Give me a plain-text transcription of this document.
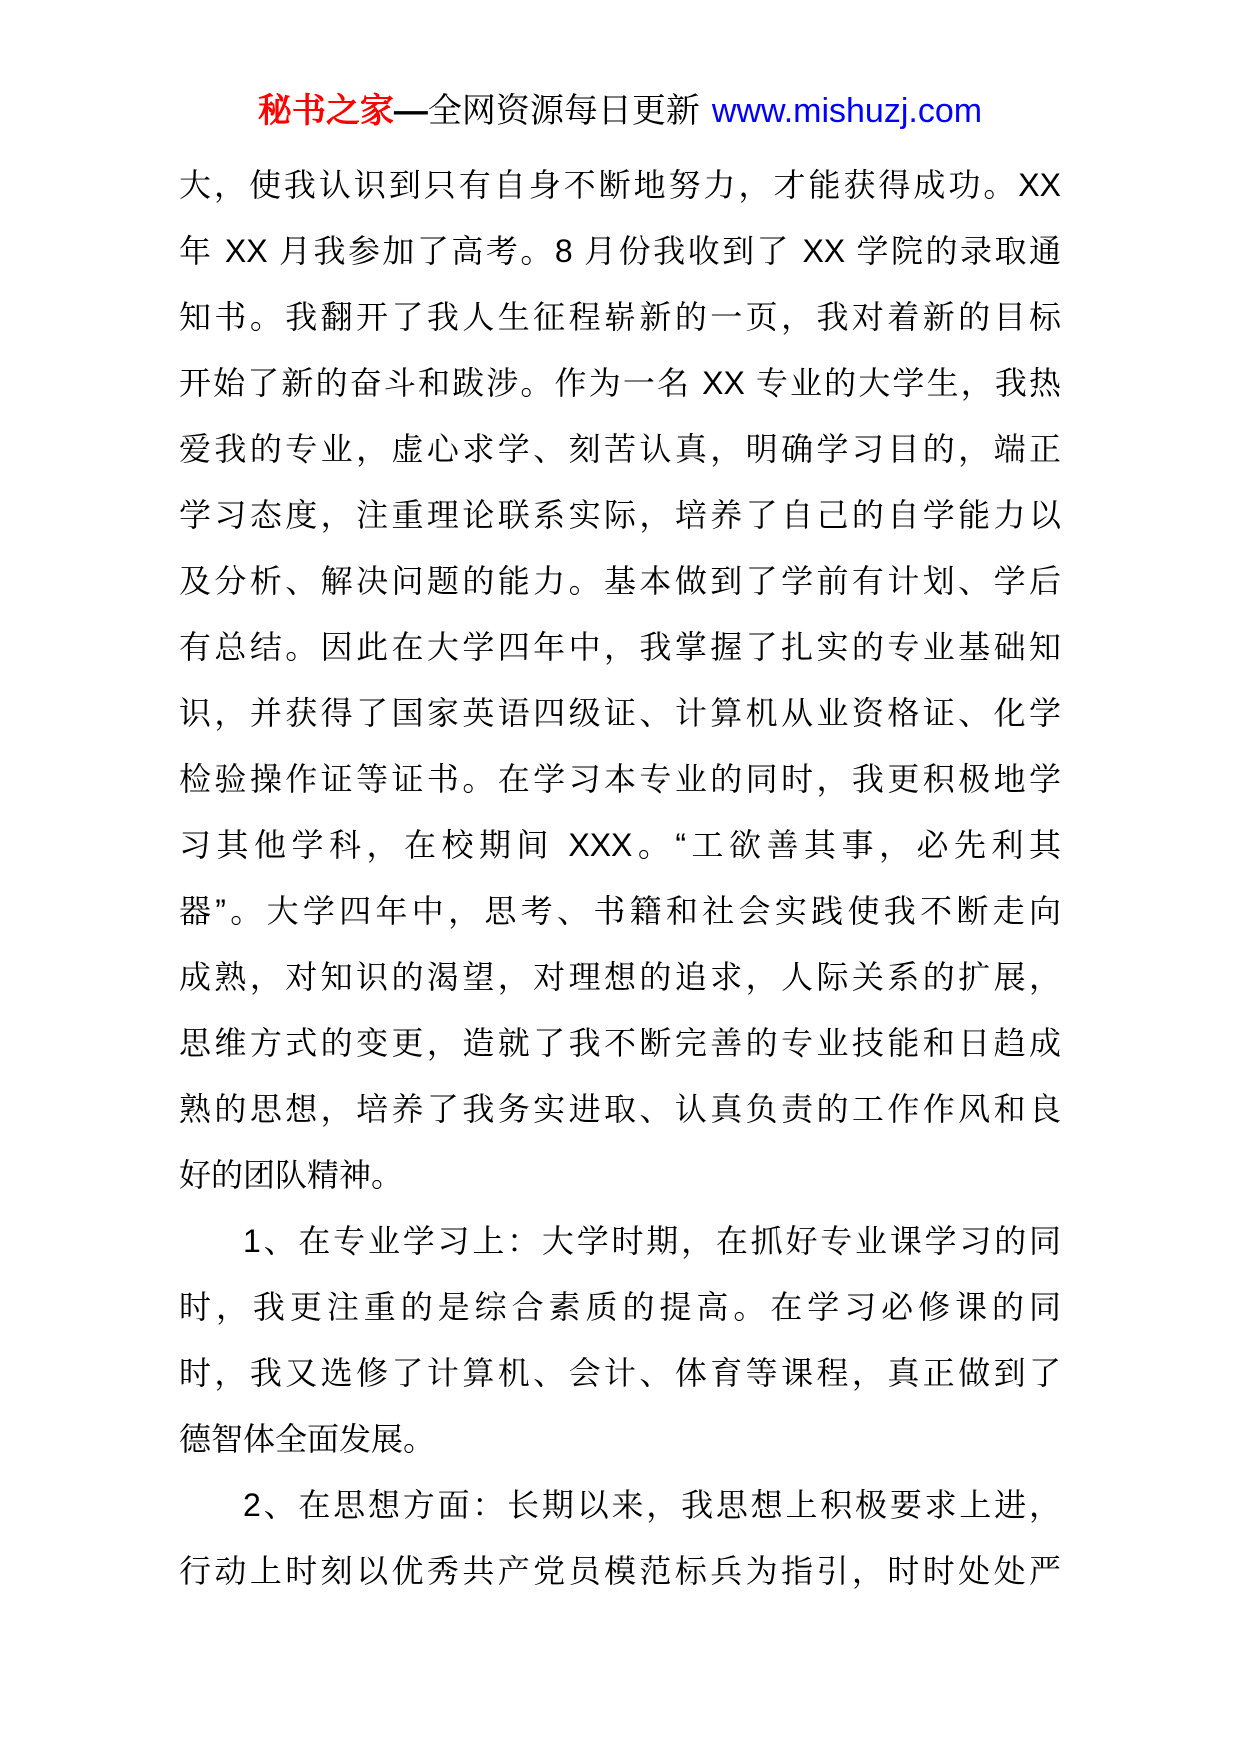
秘书之家—全网资源每日更新 www.mishuzj.com
大，使我认识到只有自身不断地努力，才能获得成功。XX
年 XX 月我参加了高考。8 月份我收到了 XX 学院的录取通
知书。我翻开了我人生征程崭新的一页，我对着新的目标
开始了新的奋斗和跋涉。作为一名 XX 专业的大学生，我热
爱我的专业，虚心求学、刻苦认真，明确学习目的，端正
学习态度，注重理论联系实际，培养了自己的自学能力以
及分析、解决问题的能力。基本做到了学前有计划、学后
有总结。因此在大学四年中，我掌握了扎实的专业基础知
识，并获得了国家英语四级证、计算机从业资格证、化学
检验操作证等证书。在学习本专业的同时，我更积极地学
习其他学科，在校期间 XXX。“工欲善其事，必先利其
器”。大学四年中，思考、书籍和社会实践使我不断走向
成熟，对知识的渴望，对理想的追求，人际关系的扩展，
思维方式的变更，造就了我不断完善的专业技能和日趋成
熟的思想，培养了我务实进取、认真负责的工作作风和良
好的团队精神。
1、在专业学习上：大学时期，在抓好专业课学习的同
时，我更注重的是综合素质的提高。在学习必修课的同
时，我又选修了计算机、会计、体育等课程，真正做到了
德智体全面发展。
2、在思想方面：长期以来，我思想上积极要求上进，
行动上时刻以优秀共产党员模范标兵为指引，时时处处严
